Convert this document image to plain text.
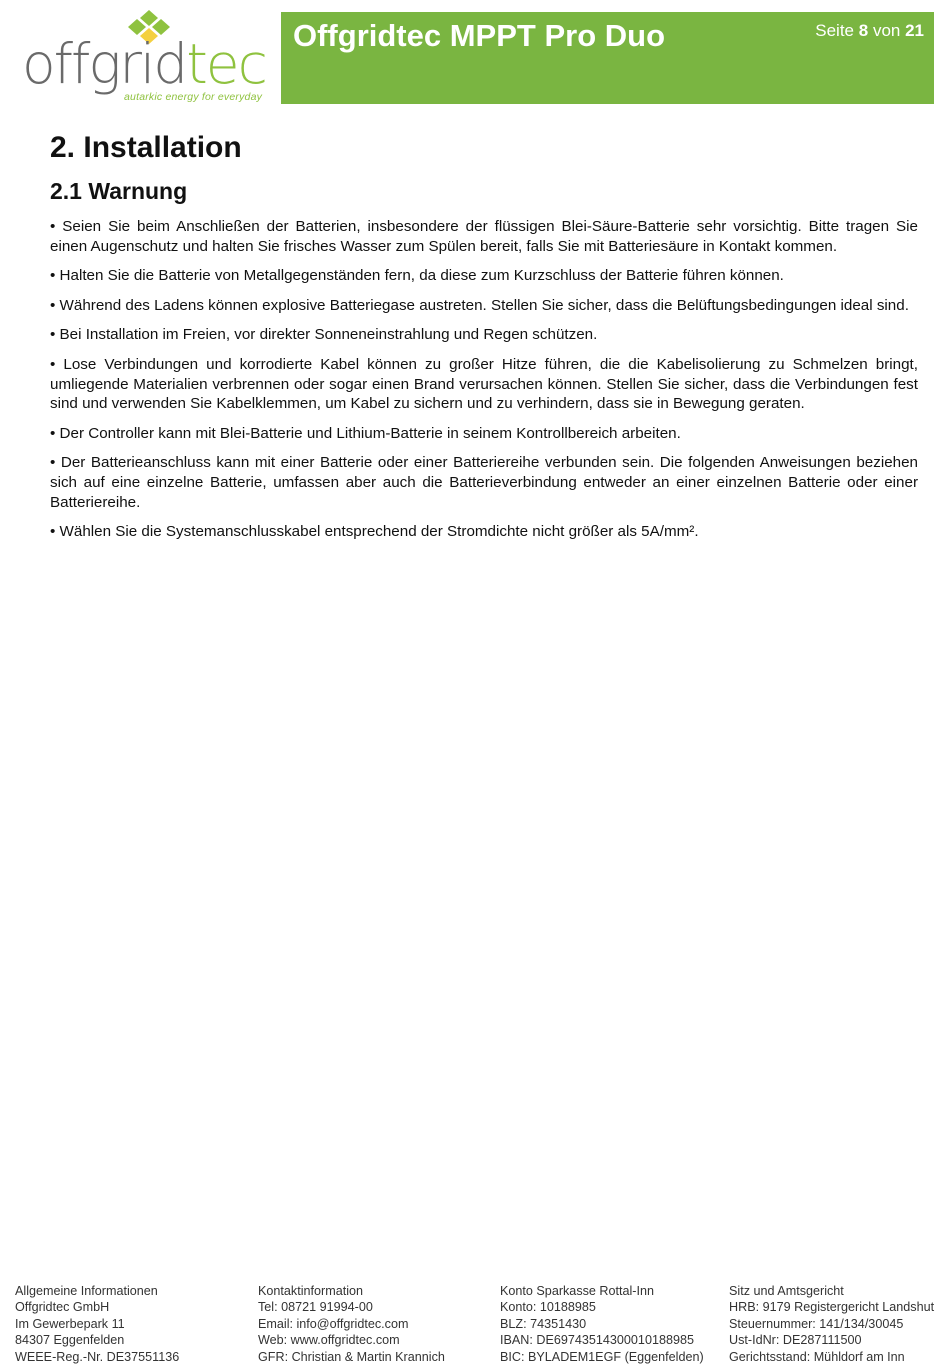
offgridtec
autarkic energy for everyday
Offgridtec MPPT Pro Duo	Seite 8 von 21
2. Installation
2.1 Warnung

• Seien Sie beim Anschließen der Batterien, insbesondere der flüssigen Blei-Säure-Batterie sehr vorsichtig. Bitte tragen Sie einen Augenschutz und halten Sie frisches Wasser zum Spülen bereit, falls Sie mit Batteriesäure in Kontakt kommen.

• Halten Sie die Batterie von Metallgegenständen fern, da diese zum Kurzschluss der Batterie führen können.

• Während des Ladens können explosive Batteriegase austreten. Stellen Sie sicher, dass die Belüftungsbedingungen ideal sind.

• Bei Installation im Freien, vor direkter Sonneneinstrahlung und Regen schützen.

• Lose Verbindungen und korrodierte Kabel können zu großer Hitze führen, die die Kabelisolierung zu Schmelzen bringt, umliegende Materialien verbrennen oder sogar einen Brand verursachen können. Stellen Sie sicher, dass die Verbindungen fest sind und verwenden Sie Kabelklemmen, um Kabel zu sichern und zu verhindern, dass sie in Bewegung geraten.

• Der Controller kann mit Blei-Batterie und Lithium-Batterie in seinem Kontrollbereich arbeiten.

• Der Batterieanschluss kann mit einer Batterie oder einer Batteriereihe verbunden sein. Die folgenden Anweisungen beziehen sich auf eine einzelne Batterie, umfassen aber auch die Batterieverbindung entweder an einer einzelnen Batterie oder einer Batteriereihe.

• Wählen Sie die Systemanschlusskabel entsprechend der Stromdichte nicht größer als 5A/mm².

Allgemeine Informationen
Offgridtec GmbH
Im Gewerbepark 11
84307 Eggenfelden
WEEE-Reg.-Nr. DE37551136
Kontaktinformation
Tel: 08721 91994-00
Email: info@offgridtec.com
Web: www.offgridtec.com
GFR: Christian & Martin Krannich
Konto Sparkasse Rottal-Inn
Konto: 10188985
BLZ: 74351430
IBAN: DE69743514300010188985
BIC: BYLADEM1EGF (Eggenfelden)
Sitz und Amtsgericht
HRB: 9179 Registergericht Landshut
Steuernummer: 141/134/30045
Ust-IdNr: DE287111500
Gerichtsstand: Mühldorf am Inn
